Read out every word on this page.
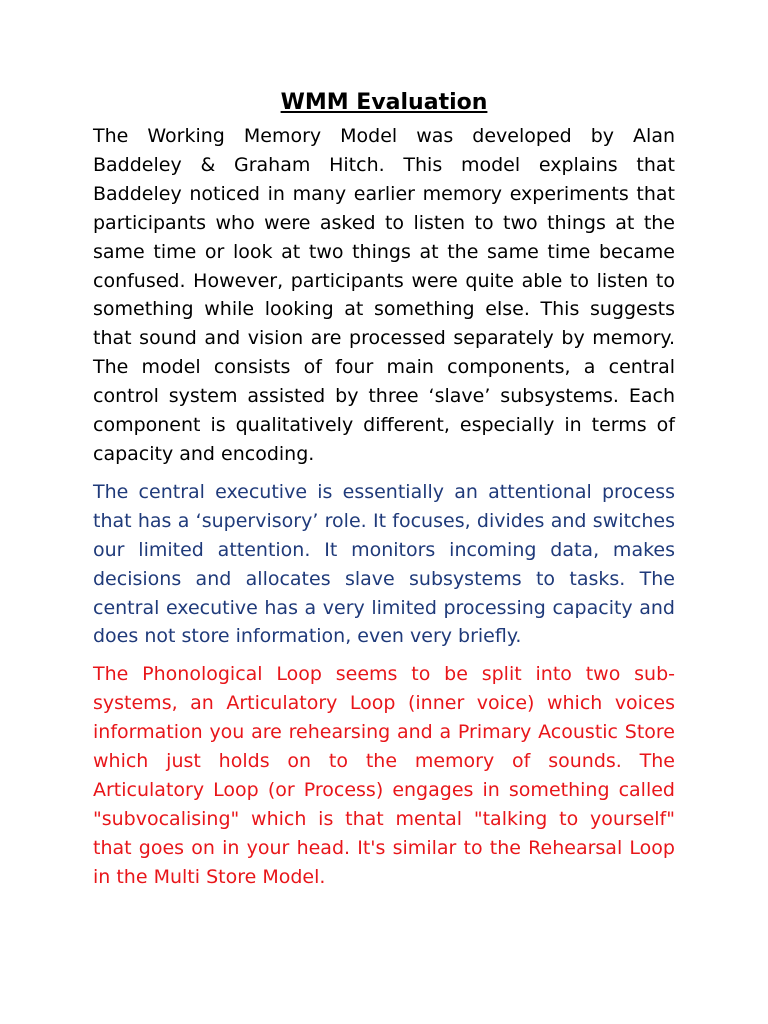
WMM Evaluation

The Working Memory Model was developed by Alan Baddeley & Graham Hitch. This model explains that Baddeley noticed in many earlier memory experiments that participants who were asked to listen to two things at the same time or look at two things at the same time became confused. However, participants were quite able to listen to something while looking at something else. This suggests that sound and vision are processed separately by memory. The model consists of four main components, a central control system assisted by three ‘slave’ subsystems. Each component is qualitatively different, especially in terms of capacity and encoding.

The central executive is essentially an attentional process that has a ‘supervisory’ role. It focuses, divides and switches our limited attention. It monitors incoming data, makes decisions and allocates slave subsystems to tasks. The central executive has a very limited processing capacity and does not store information, even very briefly.

The Phonological Loop seems to be split into two sub-systems, an Articulatory Loop (inner voice) which voices information you are rehearsing and a Primary Acoustic Store which just holds on to the memory of sounds. The Articulatory Loop (or Process) engages in something called "subvocalising" which is that mental "talking to yourself" that goes on in your head. It's similar to the Rehearsal Loop in the Multi Store Model.
